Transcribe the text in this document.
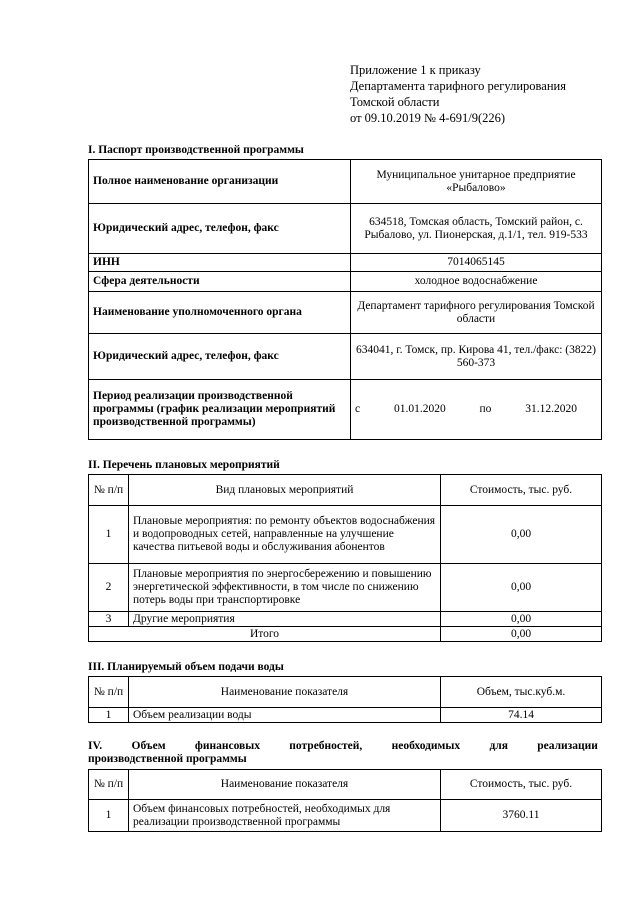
Приложение 1 к приказу
Департамента тарифного регулирования
Томской области
от 09.10.2019 № 4-691/9(226)
I. Паспорт производственной программы
Полное наименование организации	Муниципальное унитарное предприятие «Рыбалово»
Юридический адрес, телефон, факс	634518, Томская область, Томский район, с. Рыбалово, ул. Пионерская, д.1/1, тел. 919-533
ИНН	7014065145
Сфера деятельности	холодное водоснабжение
Наименование уполномоченного органа	Департамент тарифного регулирования Томской области
Юридический адрес, телефон, факс	634041, г. Томск, пр. Кирова 41, тел./факс: (3822) 560-373
Период реализации производственной программы (график реализации мероприятий производственной программы)	с 01.01.2020 по 31.12.2020
II. Перечень плановых мероприятий
№ п/п	Вид плановых мероприятий	Стоимость, тыс. руб.
1	Плановые мероприятия: по ремонту объектов водоснабжения и водопроводных сетей, направленные на улучшение качества питьевой воды и обслуживания абонентов	0,00
2	Плановые мероприятия по энергосбережению и повышению энергетической эффективности, в том числе по снижению потерь воды при транспортировке	0,00
3	Другие мероприятия	0,00
Итого		0,00
III. Планируемый объем подачи воды
№ п/п	Наименование показателя	Объем, тыс.куб.м.
1	Объем реализации воды	74.14
IV.	Объем	финансовых	потребностей,	необходимых	для	реализации
производственной программы
№ п/п	Наименование показателя	Стоимость, тыс. руб.
1	Объем финансовых потребностей, необходимых для реализации производственной программы	3760.11
